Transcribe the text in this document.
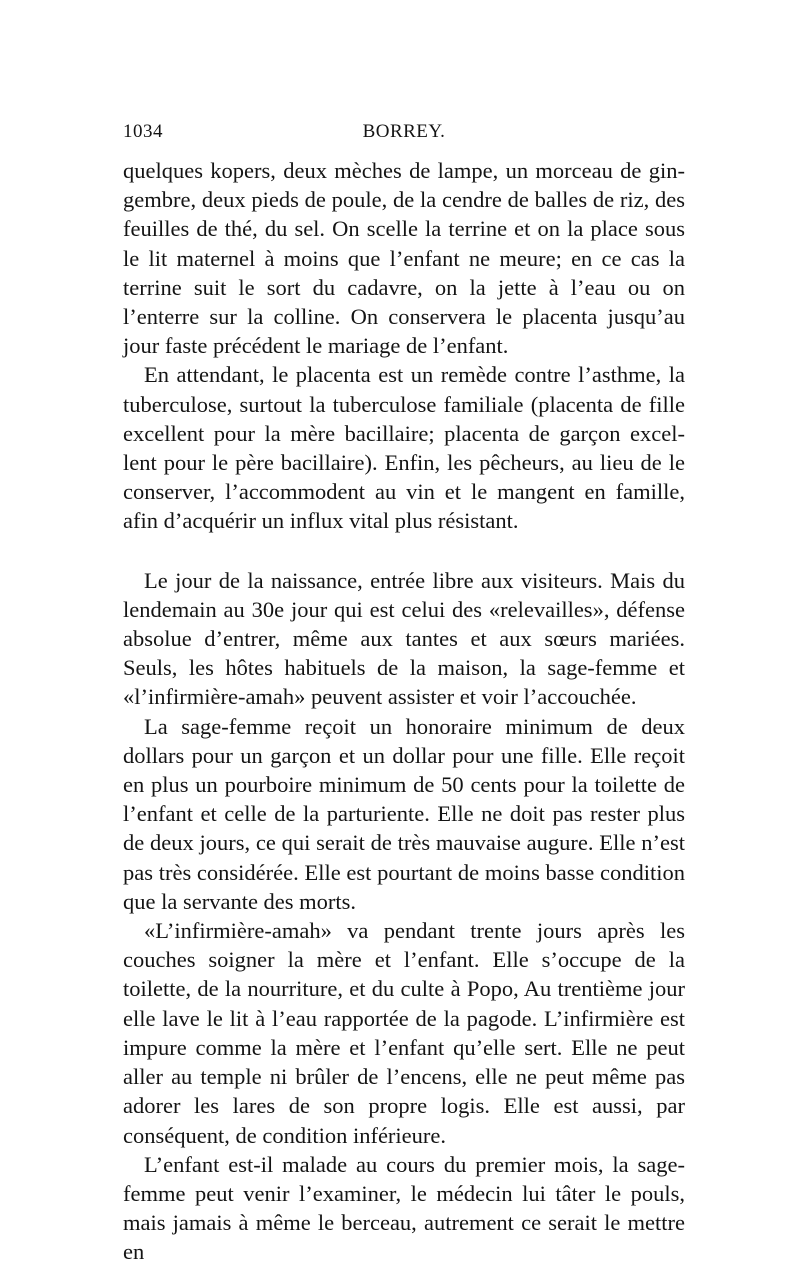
1034	BORREY.

quelques kopers, deux mèches de lampe, un morceau de gin-gembre, deux pieds de poule, de la cendre de balles de riz, des feuilles de thé, du sel. On scelle la terrine et on la place sous le lit maternel à moins que l’enfant ne meure; en ce cas la terrine suit le sort du cadavre, on la jette à l’eau ou on l’enterre sur la colline. On conservera le placenta jusqu’au jour faste précédent le mariage de l’enfant.

En attendant, le placenta est un remède contre l’asthme, la tuberculose, surtout la tuberculose familiale (placenta de fille excellent pour la mère bacillaire; placenta de garçon excel-lent pour le père bacillaire). Enfin, les pêcheurs, au lieu de le conserver, l’accommodent au vin et le mangent en famille, afin d’acquérir un influx vital plus résistant.

Le jour de la naissance, entrée libre aux visiteurs. Mais du lendemain au 30e jour qui est celui des «relevailles», défense absolue d’entrer, même aux tantes et aux sœurs mariées. Seuls, les hôtes habituels de la maison, la sage-femme et «l’infirmière-amah» peuvent assister et voir l’accouchée.

La sage-femme reçoit un honoraire minimum de deux dollars pour un garçon et un dollar pour une fille. Elle reçoit en plus un pourboire minimum de 50 cents pour la toilette de l’enfant et celle de la parturiente. Elle ne doit pas rester plus de deux jours, ce qui serait de très mauvaise augure. Elle n’est pas très considérée. Elle est pourtant de moins basse condition que la servante des morts.

«L’infirmière-amah» va pendant trente jours après les couches soigner la mère et l’enfant. Elle s’occupe de la toilette, de la nourriture, et du culte à Popo, Au trentième jour elle lave le lit à l’eau rapportée de la pagode. L’infirmière est impure comme la mère et l’enfant qu’elle sert. Elle ne peut aller au temple ni brûler de l’encens, elle ne peut même pas adorer les lares de son propre logis. Elle est aussi, par conséquent, de condition inférieure.

L’enfant est-il malade au cours du premier mois, la sage-femme peut venir l’examiner, le médecin lui tâter le pouls, mais jamais à même le berceau, autrement ce serait le mettre en
